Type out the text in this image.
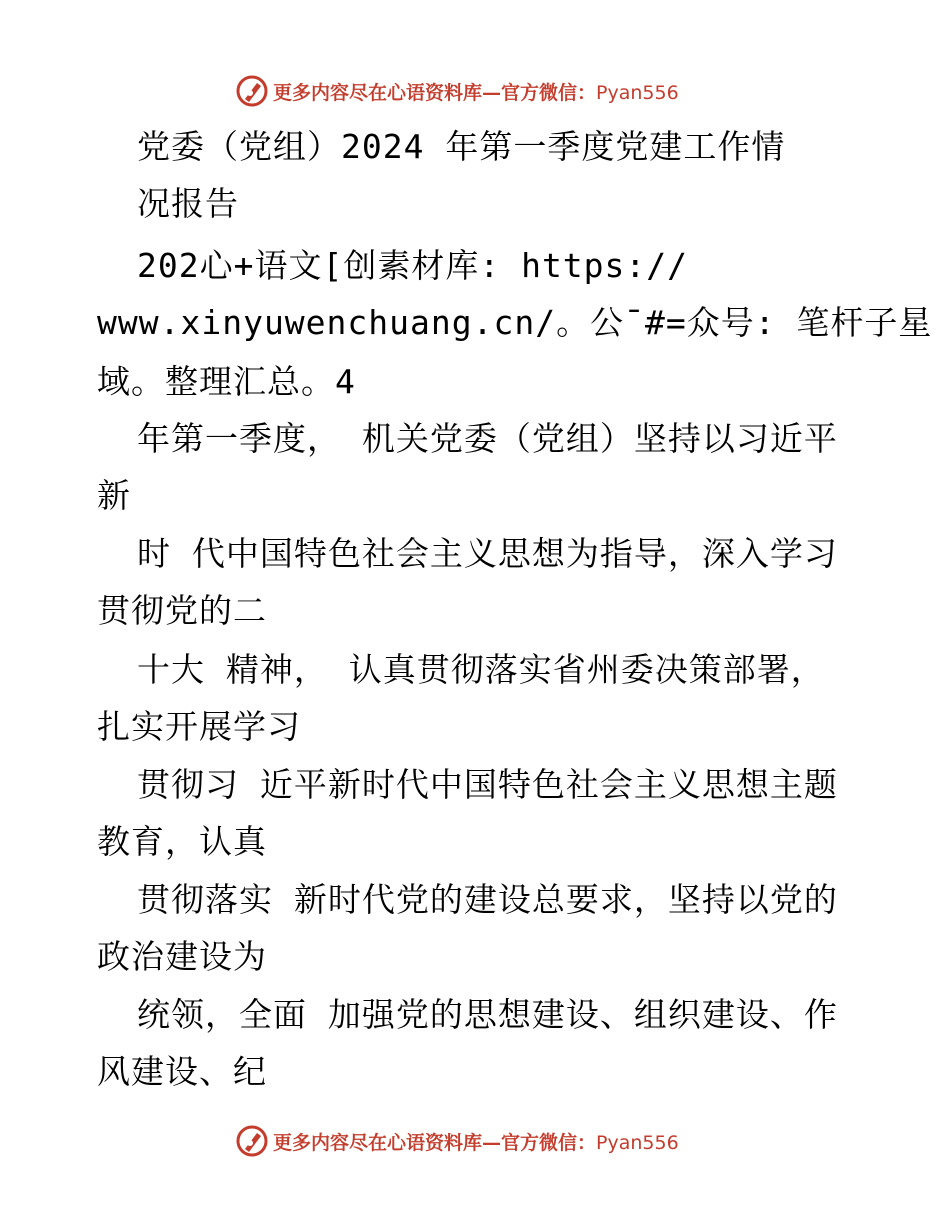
更多内容尽在心语资料库—官方微信：Pyan556
党委（党组）2024 年第一季度党建工作情
况报告
202心+语文[创素材库: https://
www.xinyuwenchuang.cn/。公¯#=众号: 笔杆子星
域。整理汇总。4
年第一季度， 机关党委（党组）坚持以习近平
新
时 代中国特色社会主义思想为指导，深入学习
贯彻党的二
十大 精神， 认真贯彻落实省州委决策部署，
扎实开展学习
贯彻习 近平新时代中国特色社会主义思想主题
教育，认真
贯彻落实 新时代党的建设总要求，坚持以党的
政治建设为
统领，全面 加强党的思想建设、组织建设、作
风建设、纪
更多内容尽在心语资料库—官方微信：Pyan556
